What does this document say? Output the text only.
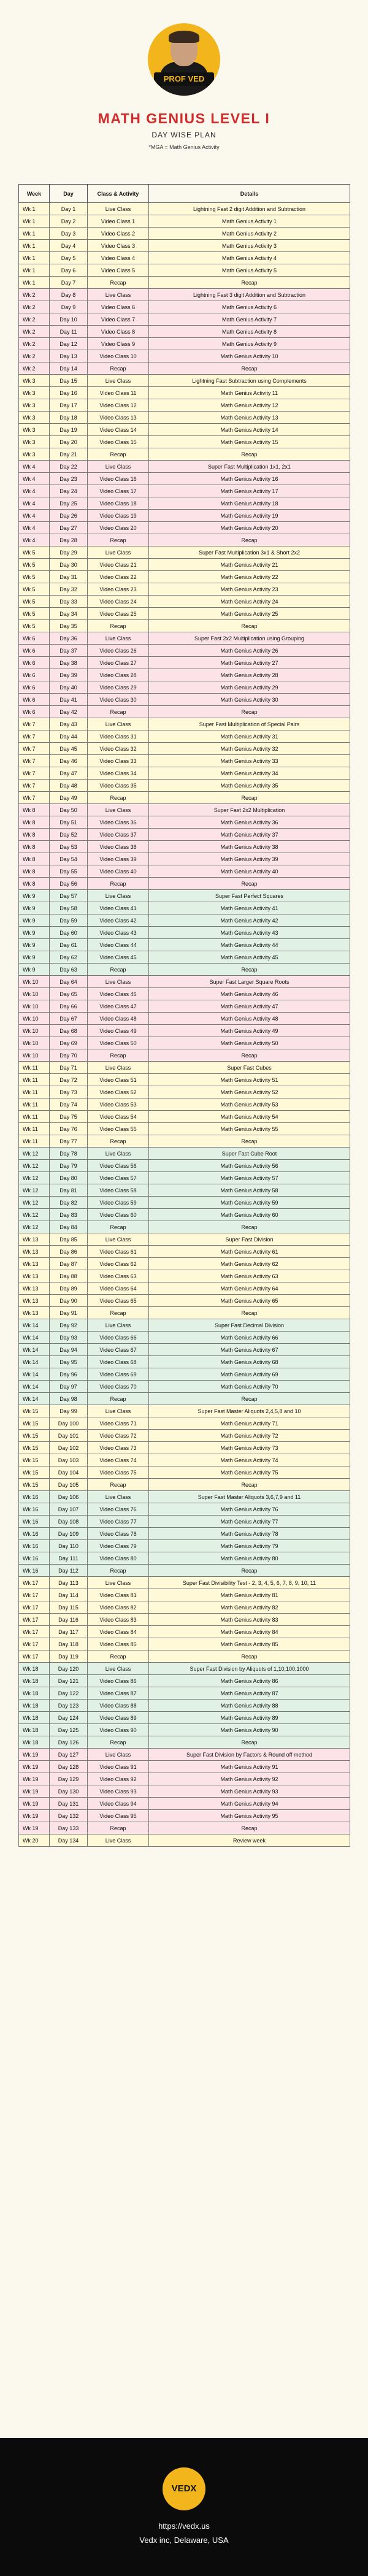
PROF VED
MATH GENIUS LEVEL I
DAY WISE PLAN
*MGA = Math Genius Activity
Week	Day	Class & Activity	Details
Wk 1	Day 1	Live Class	Lightning Fast 2 digit Addition and Subtraction
Wk 1	Day 2	Video Class 1	Math Genius Activity 1
Wk 1	Day 3	Video Class 2	Math Genius Activity 2
Wk 1	Day 4	Video Class 3	Math Genius Activity 3
Wk 1	Day 5	Video Class 4	Math Genius Activity 4
Wk 1	Day 6	Video Class 5	Math Genius Activity 5
Wk 1	Day 7	Recap	Recap
Wk 2	Day 8	Live Class	Lightning Fast 3 digit Addition and Subtraction
Wk 2	Day 9	Video Class 6	Math Genius Activity 6
Wk 2	Day 10	Video Class 7	Math Genius Activity 7
Wk 2	Day 11	Video Class 8	Math Genius Activity 8
Wk 2	Day 12	Video Class 9	Math Genius Activity 9
Wk 2	Day 13	Video Class 10	Math Genius Activity 10
Wk 2	Day 14	Recap	Recap
Wk 3	Day 15	Live Class	Lightning Fast Subtraction using Complements
Wk 3	Day 16	Video Class 11	Math Genius Activity 11
Wk 3	Day 17	Video Class 12	Math Genius Activity 12
Wk 3	Day 18	Video Class 13	Math Genius Activity 13
Wk 3	Day 19	Video Class 14	Math Genius Activity 14
Wk 3	Day 20	Video Class 15	Math Genius Activity 15
Wk 3	Day 21	Recap	Recap
Wk 4	Day 22	Live Class	Super Fast Multiplication 1x1, 2x1
Wk 4	Day 23	Video Class 16	Math Genius Activity 16
Wk 4	Day 24	Video Class 17	Math Genius Activity 17
Wk 4	Day 25	Video Class 18	Math Genius Activity 18
Wk 4	Day 26	Video Class 19	Math Genius Activity 19
Wk 4	Day 27	Video Class 20	Math Genius Activity 20
Wk 4	Day 28	Recap	Recap
Wk 5	Day 29	Live Class	Super Fast Multiplication 3x1 & Short 2x2
Wk 5	Day 30	Video Class 21	Math Genius Activity 21
Wk 5	Day 31	Video Class 22	Math Genius Activity 22
Wk 5	Day 32	Video Class 23	Math Genius Activity 23
Wk 5	Day 33	Video Class 24	Math Genius Activity 24
Wk 5	Day 34	Video Class 25	Math Genius Activity 25
Wk 5	Day 35	Recap	Recap
Wk 6	Day 36	Live Class	Super Fast 2x2 Multiplication using Grouping
Wk 6	Day 37	Video Class 26	Math Genius Activity 26
Wk 6	Day 38	Video Class 27	Math Genius Activity 27
Wk 6	Day 39	Video Class 28	Math Genius Activity 28
Wk 6	Day 40	Video Class 29	Math Genius Activity 29
Wk 6	Day 41	Video Class 30	Math Genius Activity 30
Wk 6	Day 42	Recap	Recap
Wk 7	Day 43	Live Class	Super Fast Multiplication of Special Pairs
Wk 7	Day 44	Video Class 31	Math Genius Activity 31
Wk 7	Day 45	Video Class 32	Math Genius Activity 32
Wk 7	Day 46	Video Class 33	Math Genius Activity 33
Wk 7	Day 47	Video Class 34	Math Genius Activity 34
Wk 7	Day 48	Video Class 35	Math Genius Activity 35
Wk 7	Day 49	Recap	Recap
Wk 8	Day 50	Live Class	Super Fast 2x2 Multiplication
Wk 8	Day 51	Video Class 36	Math Genius Activity 36
Wk 8	Day 52	Video Class 37	Math Genius Activity 37
Wk 8	Day 53	Video Class 38	Math Genius Activity 38
Wk 8	Day 54	Video Class 39	Math Genius Activity 39
Wk 8	Day 55	Video Class 40	Math Genius Activity 40
Wk 8	Day 56	Recap	Recap
Wk 9	Day 57	Live Class	Super Fast Perfect Squares
Wk 9	Day 58	Video Class 41	Math Genius Activity 41
Wk 9	Day 59	Video Class 42	Math Genius Activity 42
Wk 9	Day 60	Video Class 43	Math Genius Activity 43
Wk 9	Day 61	Video Class 44	Math Genius Activity 44
Wk 9	Day 62	Video Class 45	Math Genius Activity 45
Wk 9	Day 63	Recap	Recap
Wk 10	Day 64	Live Class	Super Fast Larger Square Roots
Wk 10	Day 65	Video Class 46	Math Genius Activity 46
Wk 10	Day 66	Video Class 47	Math Genius Activity 47
Wk 10	Day 67	Video Class 48	Math Genius Activity 48
Wk 10	Day 68	Video Class 49	Math Genius Activity 49
Wk 10	Day 69	Video Class 50	Math Genius Activity 50
Wk 10	Day 70	Recap	Recap
Wk 11	Day 71	Live Class	Super Fast Cubes
Wk 11	Day 72	Video Class 51	Math Genius Activity 51
Wk 11	Day 73	Video Class 52	Math Genius Activity 52
Wk 11	Day 74	Video Class 53	Math Genius Activity 53
Wk 11	Day 75	Video Class 54	Math Genius Activity 54
Wk 11	Day 76	Video Class 55	Math Genius Activity 55
Wk 11	Day 77	Recap	Recap
Wk 12	Day 78	Live Class	Super Fast Cube Root
Wk 12	Day 79	Video Class 56	Math Genius Activity 56
Wk 12	Day 80	Video Class 57	Math Genius Activity 57
Wk 12	Day 81	Video Class 58	Math Genius Activity 58
Wk 12	Day 82	Video Class 59	Math Genius Activity 59
Wk 12	Day 83	Video Class 60	Math Genius Activity 60
Wk 12	Day 84	Recap	Recap
Wk 13	Day 85	Live Class	Super Fast Division
Wk 13	Day 86	Video Class 61	Math Genius Activity 61
Wk 13	Day 87	Video Class 62	Math Genius Activity 62
Wk 13	Day 88	Video Class 63	Math Genius Activity 63
Wk 13	Day 89	Video Class 64	Math Genius Activity 64
Wk 13	Day 90	Video Class 65	Math Genius Activity 65
Wk 13	Day 91	Recap	Recap
Wk 14	Day 92	Live Class	Super Fast Decimal Division
Wk 14	Day 93	Video Class 66	Math Genius Activity 66
Wk 14	Day 94	Video Class 67	Math Genius Activity 67
Wk 14	Day 95	Video Class 68	Math Genius Activity 68
Wk 14	Day 96	Video Class 69	Math Genius Activity 69
Wk 14	Day 97	Video Class 70	Math Genius Activity 70
Wk 14	Day 98	Recap	Recap
Wk 15	Day 99	Live Class	Super Fast Master Aliquots 2,4,5,8 and 10
Wk 15	Day 100	Video Class 71	Math Genius Activity 71
Wk 15	Day 101	Video Class 72	Math Genius Activity 72
Wk 15	Day 102	Video Class 73	Math Genius Activity 73
Wk 15	Day 103	Video Class 74	Math Genius Activity 74
Wk 15	Day 104	Video Class 75	Math Genius Activity 75
Wk 15	Day 105	Recap	Recap
Wk 16	Day 106	Live Class	Super Fast Master Aliquots 3,6,7,9 and 11
Wk 16	Day 107	Video Class 76	Math Genius Activity 76
Wk 16	Day 108	Video Class 77	Math Genius Activity 77
Wk 16	Day 109	Video Class 78	Math Genius Activity 78
Wk 16	Day 110	Video Class 79	Math Genius Activity 79
Wk 16	Day 111	Video Class 80	Math Genius Activity 80
Wk 16	Day 112	Recap	Recap
Wk 17	Day 113	Live Class	Super Fast Divisibility Test - 2, 3, 4, 5, 6, 7, 8, 9, 10, 11
Wk 17	Day 114	Video Class 81	Math Genius Activity 81
Wk 17	Day 115	Video Class 82	Math Genius Activity 82
Wk 17	Day 116	Video Class 83	Math Genius Activity 83
Wk 17	Day 117	Video Class 84	Math Genius Activity 84
Wk 17	Day 118	Video Class 85	Math Genius Activity 85
Wk 17	Day 119	Recap	Recap
Wk 18	Day 120	Live Class	Super Fast Division by Aliquots of 1,10,100,1000
Wk 18	Day 121	Video Class 86	Math Genius Activity 86
Wk 18	Day 122	Video Class 87	Math Genius Activity 87
Wk 18	Day 123	Video Class 88	Math Genius Activity 88
Wk 18	Day 124	Video Class 89	Math Genius Activity 89
Wk 18	Day 125	Video Class 90	Math Genius Activity 90
Wk 18	Day 126	Recap	Recap
Wk 19	Day 127	Live Class	Super Fast Division by Factors & Round off method
Wk 19	Day 128	Video Class 91	Math Genius Activity 91
Wk 19	Day 129	Video Class 92	Math Genius Activity 92
Wk 19	Day 130	Video Class 93	Math Genius Activity 93
Wk 19	Day 131	Video Class 94	Math Genius Activity 94
Wk 19	Day 132	Video Class 95	Math Genius Activity 95
Wk 19	Day 133	Recap	Recap
Wk 20	Day 134	Live Class	Review week
VEDX
https://vedx.us
Vedx inc, Delaware, USA
